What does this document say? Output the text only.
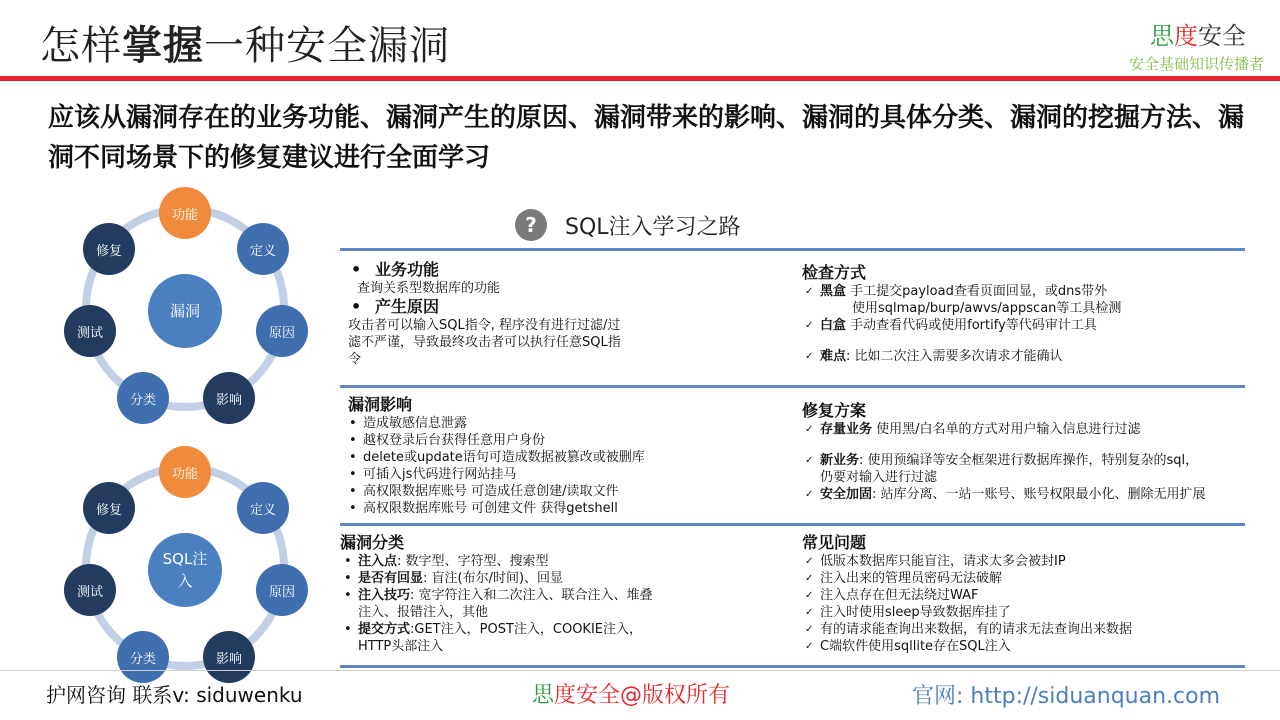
怎样掌握一种安全漏洞	思度安全
安全基础知识传播者
应该从漏洞存在的业务功能、漏洞产生的原因、漏洞带来的影响、漏洞的具体分类、漏洞的挖掘方法、漏洞不同场景下的修复建议进行全面学习
漏洞
功能
定义
原因
影响
分类
测试
修复
SQL注
入
功能
定义
原因
影响
分类
测试
修复
?	SQL注入学习之路
• 业务功能
查询关系型数据库的功能
• 产生原因
攻击者可以输入SQL指令, 程序没有进行过滤/过
滤不严谨，导致最终攻击者可以执行任意SQL指
令
检查方式
✓ 黑盒 手工提交payload查看页面回显，或dns带外
使用sqlmap/burp/awvs/appscan等工具检测
✓ 白盒 手动查看代码或使用fortify等代码审计工具
✓ 难点: 比如二次注入需要多次请求才能确认
漏洞影响
• 造成敏感信息泄露
• 越权登录后台获得任意用户身份
• delete或update语句可造成数据被篡改或被删库
• 可插入js代码进行网站挂马
• 高权限数据库账号 可造成任意创建/读取文件
• 高权限数据库账号 可创建文件 获得getshell
修复方案
✓ 存量业务 使用黑/白名单的方式对用户输入信息进行过滤
✓ 新业务: 使用预编译等安全框架进行数据库操作，特别复杂的sql，
仍要对输入进行过滤
✓ 安全加固: 站库分离、一站一账号、账号权限最小化、删除无用扩展
漏洞分类
• 注入点: 数字型、字符型、搜索型
• 是否有回显: 盲注(布尔/时间)、回显
• 注入技巧: 宽字符注入和二次注入、联合注入、堆叠
注入、报错注入，其他
• 提交方式:GET注入，POST注入，COOKIE注入，
HTTP头部注入
常见问题
✓ 低版本数据库只能盲注，请求太多会被封IP
✓ 注入出来的管理员密码无法破解
✓ 注入点存在但无法绕过WAF
✓ 注入时使用sleep导致数据库挂了
✓ 有的请求能查询出来数据，有的请求无法查询出来数据
✓ C端软件使用sqllite存在SQL注入
护网咨询 联系v: siduwenku	思度安全@版权所有	官网: http://siduanquan.com
